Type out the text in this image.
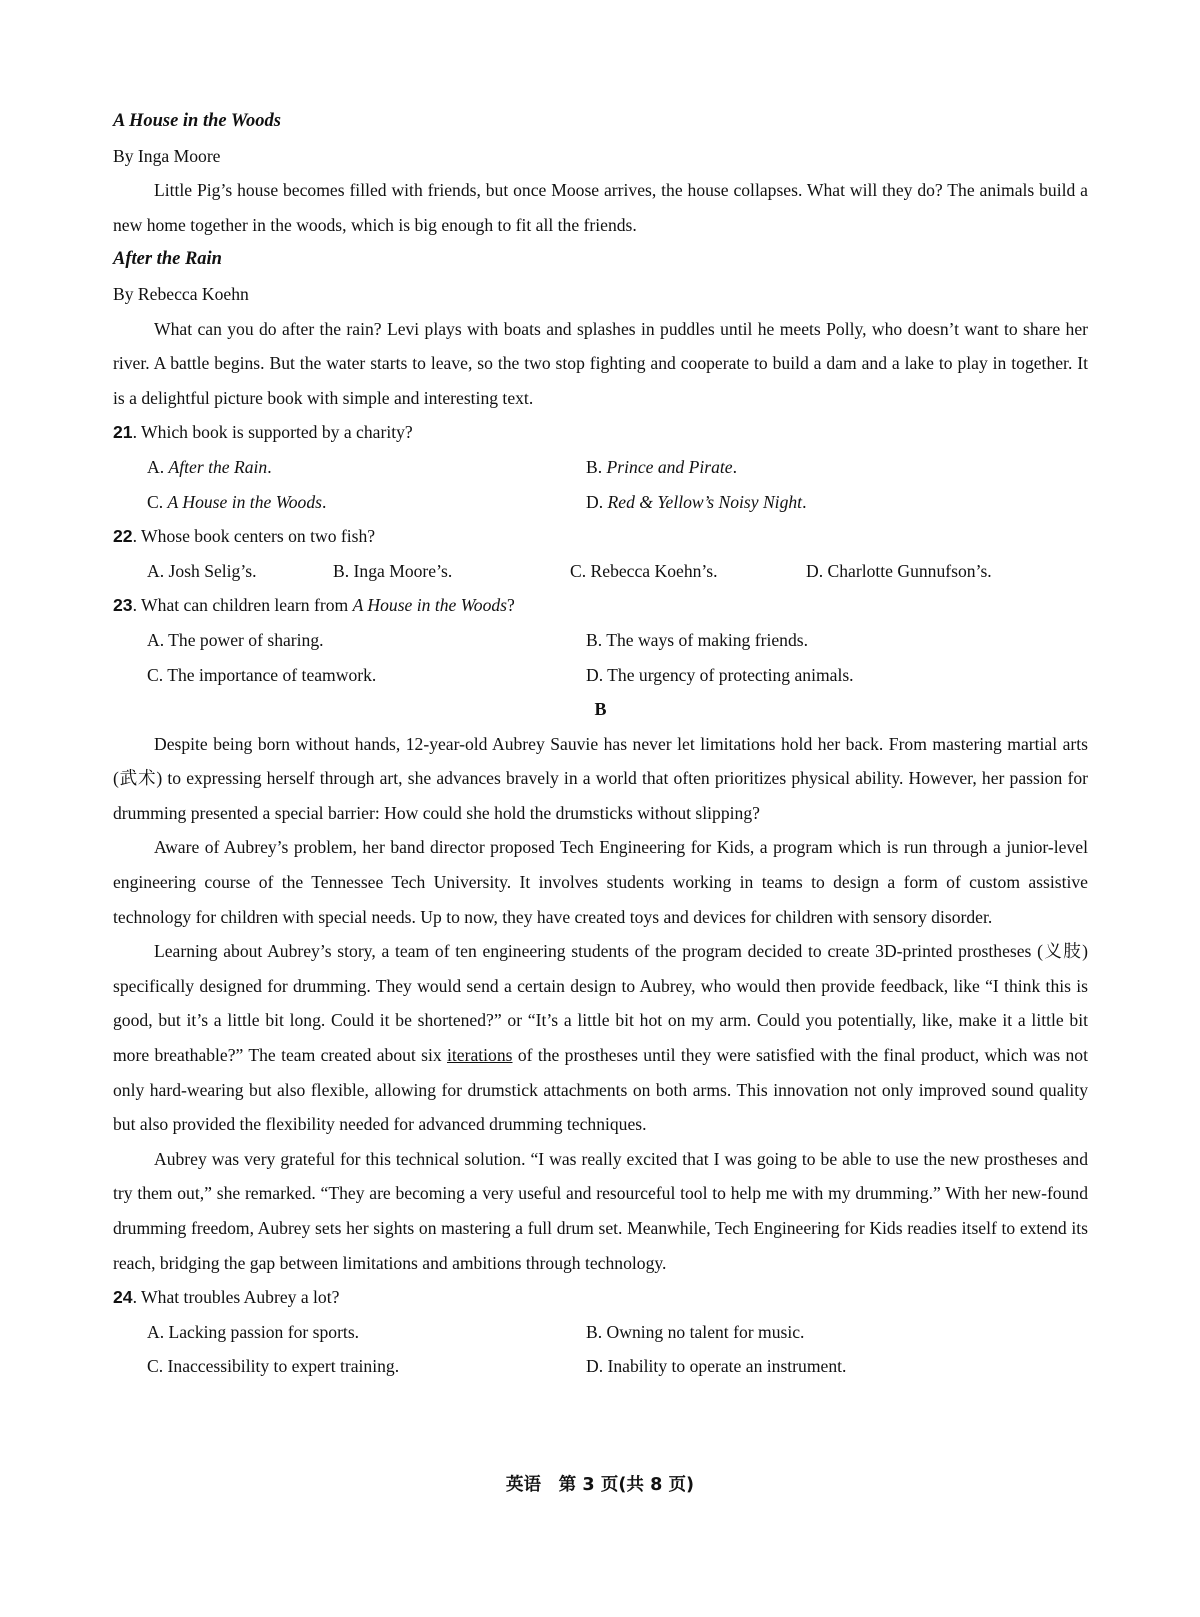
A House in the Woods
By Inga Moore

Little Pig’s house becomes filled with friends, but once Moose arrives, the house collapses. What will they do? The animals build a new home together in the woods, which is big enough to fit all the friends.

After the Rain
By Rebecca Koehn

What can you do after the rain? Levi plays with boats and splashes in puddles until he meets Polly, who doesn’t want to share her river. A battle begins. But the water starts to leave, so the two stop fighting and cooperate to build a dam and a lake to play in together. It is a delightful picture book with simple and interesting text.

21. Which book is supported by a charity?
A. After the Rain.	B. Prince and Pirate.
C. A House in the Woods.	D. Red & Yellow’s Noisy Night.
22. Whose book centers on two fish?
A. Josh Selig’s.	B. Inga Moore’s.	C. Rebecca Koehn’s.	D. Charlotte Gunnufson’s.
23. What can children learn from A House in the Woods?
A. The power of sharing.	B. The ways of making friends.
C. The importance of teamwork.	D. The urgency of protecting animals.
B

Despite being born without hands, 12-year-old Aubrey Sauvie has never let limitations hold her back. From mastering martial arts (武术) to expressing herself through art, she advances bravely in a world that often prioritizes physical ability. However, her passion for drumming presented a special barrier: How could she hold the drumsticks without slipping?

Aware of Aubrey’s problem, her band director proposed Tech Engineering for Kids, a program which is run through a junior-level engineering course of the Tennessee Tech University. It involves students working in teams to design a form of custom assistive technology for children with special needs. Up to now, they have created toys and devices for children with sensory disorder.

Learning about Aubrey’s story, a team of ten engineering students of the program decided to create 3D-printed prostheses (义肢) specifically designed for drumming. They would send a certain design to Aubrey, who would then provide feedback, like “I think this is good, but it’s a little bit long. Could it be shortened?” or “It’s a little bit hot on my arm. Could you potentially, like, make it a little bit more breathable?” The team created about six iterations of the prostheses until they were satisfied with the final product, which was not only hard-wearing but also flexible, allowing for drumstick attachments on both arms. This innovation not only improved sound quality but also provided the flexibility needed for advanced drumming techniques.

Aubrey was very grateful for this technical solution. “I was really excited that I was going to be able to use the new prostheses and try them out,” she remarked. “They are becoming a very useful and resourceful tool to help me with my drumming.” With her new-found drumming freedom, Aubrey sets her sights on mastering a full drum set. Meanwhile, Tech Engineering for Kids readies itself to extend its reach, bridging the gap between limitations and ambitions through technology.

24. What troubles Aubrey a lot?
A. Lacking passion for sports.	B. Owning no talent for music.
C. Inaccessibility to expert training.	D. Inability to operate an instrument.
英语　第 3 页(共 8 页)
